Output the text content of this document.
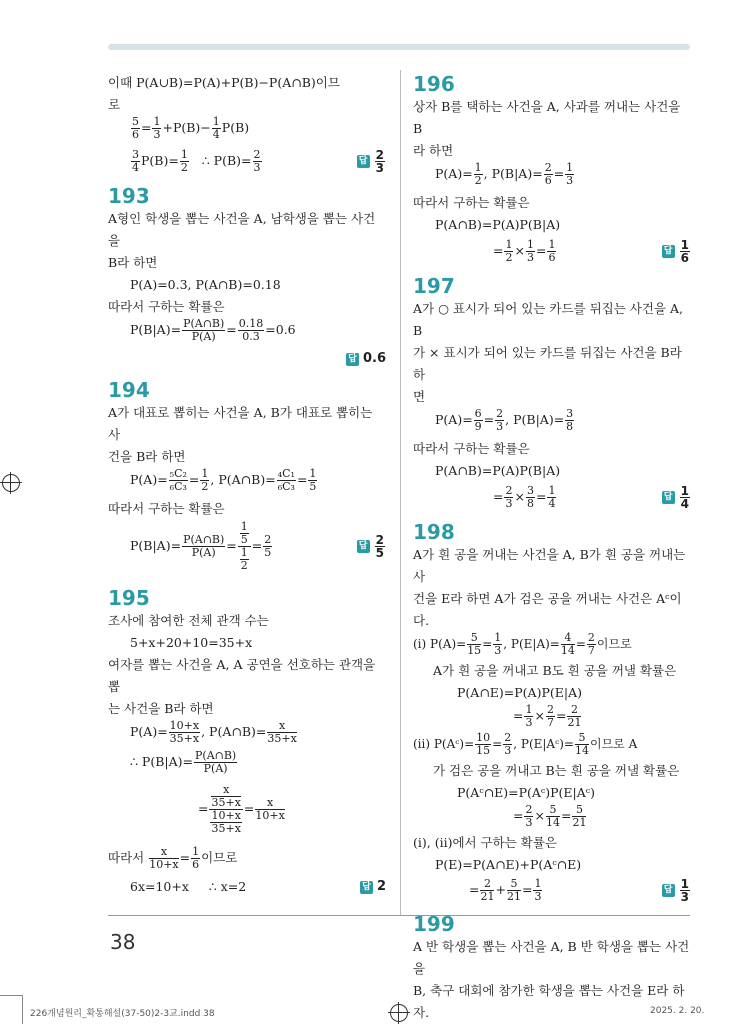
이때 P(A∪B)=P(A)+P(B)−P(A∩B)이므

로

$\frac{5}{6} = \frac{1}{3} +P(B)- \frac{1}{4} P(B)$
$\frac{3}{4} P(B)= \frac{1}{2}$ ∴ $P(B)= \frac{2}{3}$	답 $\frac{2}{3}$
193

A형인 학생을 뽑는 사건을 A, 남학생을 뽑는 사건을

B라 하면

P(A)=0.3, P(A∩B)=0.18

따라서 구하는 확률은

$P(B|A)= \frac{P(A\cap B)}{P(A)} = \frac{0.18}{0.3} =0.6$
답 0.6
194

A가 대표로 뽑히는 사건을 A, B가 대표로 뽑히는 사

건을 B라 하면

$P(A)= \frac{\text{₅C₂}}{\text{₆C₃}} = \frac{1}{2}$ , P(A∩B)= $\frac{\text{₄C₁}}{\text{₆C₃}} = \frac{1}{5}$

따라서 구하는 확률은

$P(B|A)= \frac{P(A\cap B)}{P(A)} = \frac{\frac{1}{5}}{\frac{1}{2}} = \frac{2}{5}$	답 $\frac{2}{5}$
195

조사에 참여한 전체 관객 수는

5+x+20+10=35+x

여자를 뽑는 사건을 A, A 공연을 선호하는 관객을 뽑

는 사건을 B라 하면

$P(A)= \frac{10+x}{35+x}$ , P(A∩B)= $\frac{x}{35+x}$
∴ $P(B|A)= \frac{P(A\cap B)}{P(A)}$
= $\frac{\frac{x}{35+x}}{\frac{10+x}{35+x}} = \frac{x}{10+x}$
따라서 $\frac{x}{10+x} = \frac{1}{6}$ 이므로
6x=10+x     ∴ x=2	답 2
196

상자 B를 택하는 사건을 A, 사과를 꺼내는 사건을 B

라 하면

$P(A)= \frac{1}{2}$ , $P(B|A)= \frac{2}{6} = \frac{1}{3}$

따라서 구하는 확률은

P(A∩B)=P(A)P(B|A)
= $\frac{1}{2} \times \frac{1}{3} = \frac{1}{6}$	답 $\frac{1}{6}$
197

A가 ○ 표시가 되어 있는 카드를 뒤집는 사건을 A, B

가 × 표시가 되어 있는 카드를 뒤집는 사건을 B라 하

면

$P(A)= \frac{6}{9} = \frac{2}{3}$ , $P(B|A)= \frac{3}{8}$

따라서 구하는 확률은

P(A∩B)=P(A)P(B|A)
= $\frac{2}{3} \times \frac{3}{8} = \frac{1}{4}$	답 $\frac{1}{4}$
198

A가 흰 공을 꺼내는 사건을 A, B가 흰 공을 꺼내는 사

건을 E라 하면 A가 검은 공을 꺼내는 사건은 Aᶜ이다.

(i) $P(A)= \frac{5}{15} = \frac{1}{3}$ , $P(E|A)= \frac{4}{14} = \frac{2}{7}$ 이므로

A가 흰 공을 꺼내고 B도 흰 공을 꺼낼 확률은

P(A∩E)=P(A)P(E|A)
= $\frac{1}{3} \times \frac{2}{7} = \frac{2}{21}$
(ii) P(Aᶜ)= $\frac{10}{15} = \frac{2}{3}$ , P(E|Aᶜ)= $\frac{5}{14}$ 이므로 A

가 검은 공을 꺼내고 B는 흰 공을 꺼낼 확률은

P(Aᶜ∩E)=P(Aᶜ)P(E|Aᶜ)
= $\frac{2}{3} \times \frac{5}{14} = \frac{5}{21}$

(i), (ii)에서 구하는 확률은

P(E)=P(A∩E)+P(Aᶜ∩E)
= $\frac{2}{21} + \frac{5}{21} = \frac{1}{3}$	답 $\frac{1}{3}$
199

A 반 학생을 뽑는 사건을 A, B 반 학생을 뽑는 사건을

B, 축구 대회에 참가한 학생을 뽑는 사건을 E라 하자.

38
226개념원리_확통해설(37-50)2-3교.indd 38	2025. 2. 20.
